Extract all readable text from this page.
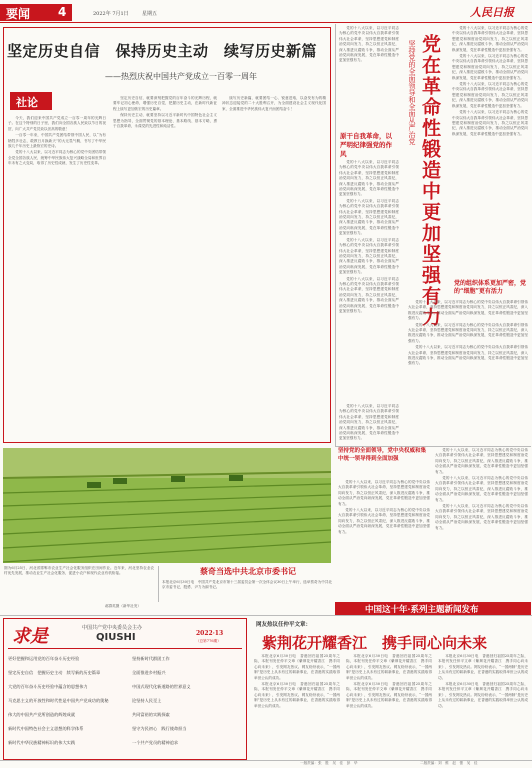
要闻 4	2022年 7月1日	星期五	人民日报
坚定历史自信　保持历史主动　续写历史新篇
——热烈庆祝中国共产党成立一百零一周年
社论

今天，我们迎来中国共产党成立一百零一周年的光辉日子。在这个特别的日子里，我们向全国各族人民致以节日的祝贺，向广大共产党员致以崇高的敬意！

一百零一年来，中国共产党团结带领中国人民，以“为有牺牲多壮志，敢教日月换新天”的大无畏气概，书写了中华民族几千年历史上最恢宏的史诗。

党的十八大以来，以习近平同志为核心的党中央团结带领全党全国各族人民，统筹中华民族伟大复兴战略全局和世界百年未有之大变局，取得了历史性成就、发生了历史性变革。

坚定历史自信，就要深刻把握党的百年奋斗的光辉历程，就要牢记初心使命，增强历史自觉，把握历史主动，在新时代新征程上续写更加恢宏的历史篇章。

保持历史主动，就要坚持以习近平新时代中国特色社会主义思想为指导，全面贯彻党的基本理论、基本路线、基本方略，勇于自我革命，永葆党的先进性和纯洁性。

续写历史新篇，就要团结一心、锐意进取，以奋发有为的精神状态迎接党的二十大胜利召开，为全面建设社会主义现代化国家、全面推进中华民族伟大复兴而团结奋斗！

图为6月25日，河北省邯郸市农业生产社会化服务组织在田间作业。近年来，河北坚持农业农村优先发展，推动农业生产社会化服务，促进小农户和现代农业有机衔接。
郝群英摄（新华社发）

党的十八大以来，以习近平同志为核心的党中央以伟大自我革命引领伟大社会革命，坚持思想建党和制度治党同向发力，持之以恒正风肃纪，深入推进反腐败斗争，推动全面从严治党向纵深发展，党在革命性锻造中更加坚强有力。

原干自我革命，以严明纪律强党的作风

党的十八大以来，以习近平同志为核心的党中央以伟大自我革命引领伟大社会革命，坚持思想建党和制度治党同向发力，持之以恒正风肃纪，深入推进反腐败斗争，推动全面从严治党向纵深发展，党在革命性锻造中更加坚强有力。

党的十八大以来，以习近平同志为核心的党中央以伟大自我革命引领伟大社会革命，坚持思想建党和制度治党同向发力，持之以恒正风肃纪，深入推进反腐败斗争，推动全面从严治党向纵深发展，党在革命性锻造中更加坚强有力。

党的十八大以来，以习近平同志为核心的党中央以伟大自我革命引领伟大社会革命，坚持思想建党和制度治党同向发力，持之以恒正风肃纪，深入推进反腐败斗争，推动全面从严治党向纵深发展，党在革命性锻造中更加坚强有力。

党的十八大以来，以习近平同志为核心的党中央以伟大自我革命引领伟大社会革命，坚持思想建党和制度治党同向发力，持之以恒正风肃纪，深入推进反腐败斗争，推动全面从严治党向纵深发展，党在革命性锻造中更加坚强有力。

党的十八大以来，以习近平同志为核心的党中央以伟大自我革命引领伟大社会革命，坚持思想建党和制度治党同向发力，持之以恒正风肃纪，深入推进反腐败斗争，推动全面从严治党向纵深发展，党在革命性锻造中更加坚强有力。

坚持党的全面领导和全面从严治党 党在革命性锻造中更加坚强有力

党的十八大以来，以习近平同志为核心的党中央以伟大自我革命引领伟大社会革命，坚持思想建党和制度治党同向发力，持之以恒正风肃纪，深入推进反腐败斗争，推动全面从严治党向纵深发展，党在革命性锻造中更加坚强有力。

党的十八大以来，以习近平同志为核心的党中央以伟大自我革命引领伟大社会革命，坚持思想建党和制度治党同向发力，持之以恒正风肃纪，深入推进反腐败斗争，推动全面从严治党向纵深发展，党在革命性锻造中更加坚强有力。

党的十八大以来，以习近平同志为核心的党中央以伟大自我革命引领伟大社会革命，坚持思想建党和制度治党同向发力，持之以恒正风肃纪，深入推进反腐败斗争，推动全面从严治党向纵深发展，党在革命性锻造中更加坚强有力。

党的十八大以来，以习近平同志为核心的党中央以伟大自我革命引领伟大社会革命，坚持思想建党和制度治党同向发力，持之以恒正风肃纪，深入推进反腐败斗争，推动全面从严治党向纵深发展，党在革命性锻造中更加坚强有力。

党的组织体系更加严密，党的“细胞”更有活力

党的十八大以来，以习近平同志为核心的党中央以伟大自我革命引领伟大社会革命，坚持思想建党和制度治党同向发力，持之以恒正风肃纪，深入推进反腐败斗争，推动全面从严治党向纵深发展，党在革命性锻造中更加坚强有力。

党的十八大以来，以习近平同志为核心的党中央以伟大自我革命引领伟大社会革命，坚持思想建党和制度治党同向发力，持之以恒正风肃纪，深入推进反腐败斗争，推动全面从严治党向纵深发展，党在革命性锻造中更加坚强有力。

党的十八大以来，以习近平同志为核心的党中央以伟大自我革命引领伟大社会革命，坚持思想建党和制度治党同向发力，持之以恒正风肃纪，深入推进反腐败斗争，推动全面从严治党向纵深发展，党在革命性锻造中更加坚强有力。

坚持党的全面领导，党中央权威和集中统一领导得到全面加强

党的十八大以来，以习近平同志为核心的党中央以伟大自我革命引领伟大社会革命，坚持思想建党和制度治党同向发力，持之以恒正风肃纪，深入推进反腐败斗争，推动全面从严治党向纵深发展，党在革命性锻造中更加坚强有力。

党的十八大以来，以习近平同志为核心的党中央以伟大自我革命引领伟大社会革命，坚持思想建党和制度治党同向发力，持之以恒正风肃纪，深入推进反腐败斗争，推动全面从严治党向纵深发展，党在革命性锻造中更加坚强有力。

党的十八大以来，以习近平同志为核心的党中央以伟大自我革命引领伟大社会革命，坚持思想建党和制度治党同向发力，持之以恒正风肃纪，深入推进反腐败斗争，推动全面从严治党向纵深发展，党在革命性锻造中更加坚强有力。

党的十八大以来，以习近平同志为核心的党中央以伟大自我革命引领伟大社会革命，坚持思想建党和制度治党同向发力，持之以恒正风肃纪，深入推进反腐败斗争，推动全面从严治党向纵深发展，党在革命性锻造中更加坚强有力。

党的十八大以来，以习近平同志为核心的党中央以伟大自我革命引领伟大社会革命，坚持思想建党和制度治党同向发力，持之以恒正风肃纪，深入推进反腐败斗争，推动全面从严治党向纵深发展，党在革命性锻造中更加坚强有力。

蔡奇当选中共北京市委书记
本报北京6月30日电　中国共产党北京市第十三届委员会第一次全体会议30日上午举行，选举蔡奇为中共北京市委书记，殷勇、尹力为副书记。
中国这十年·系列主题新闻发布
求是	中国共产党中央委员会主办
QIUSHI	2022·13
（总第776期）
更好把握和运用党的百年奋斗历史经验
坚定历史自信　把握历史主动　续写新的历史篇章
大党的百年奋斗历史经验中蕴含的思想伟力
马克思主义的开放性和时代性是中国共产党成功的奥秘
伟大的中国共产党所创造的辉煌成就
新时代中国特色社会主义思想的科学体系
新时代中华民族精神标识的伟大实践
坚持新时代群团工作
全面推进乡村振兴
中国式现代化新道路的世界意义
论坚持人民至上
共同富裕的实践探索
坚守为民初心　践行使命担当
一个共产党员的精神追求
网友热议任仲平文章：
紫荆花开耀香江　携手同心向未来

本报北京6月30日电　香港回归祖国25周年之际，本报刊发任仲平文章《紫荆花开耀香江　携手同心向未来》，引发网友热议。网友纷纷表示，“一国两制”是历史上从未有过的崭新事业，在香港的实践取得举世公认的成功。

本报北京6月30日电　香港回归祖国25周年之际，本报刊发任仲平文章《紫荆花开耀香江　携手同心向未来》，引发网友热议。网友纷纷表示，“一国两制”是历史上从未有过的崭新事业，在香港的实践取得举世公认的成功。

本报北京6月30日电　香港回归祖国25周年之际，本报刊发任仲平文章《紫荆花开耀香江　携手同心向未来》，引发网友热议。网友纷纷表示，“一国两制”是历史上从未有过的崭新事业，在香港的实践取得举世公认的成功。

本报北京6月30日电　香港回归祖国25周年之际，本报刊发任仲平文章《紫荆花开耀香江　携手同心向未来》，引发网友热议。网友纷纷表示，“一国两制”是历史上从未有过的崭新事业，在香港的实践取得举世公认的成功。

本报北京6月30日电　香港回归祖国25周年之际，本报刊发任仲平文章《紫荆花开耀香江　携手同心向未来》，引发网友热议。网友纷纷表示，“一国两制”是历史上从未有过的崭新事业，在香港的实践取得举世公认的成功。

本报北京6月30日电　香港回归祖国25周年之际，本报刊发任仲平文章《紫荆花开耀香江　携手同心向未来》，引发网友热议。网友纷纷表示，“一国两制”是历史上从未有过的崭新事业，在香港的实践取得举世公认的成功。

一版责编：张　胜　吴　佳　彭　华	二版责编：刘　维　赵　蕾　吴　佳
